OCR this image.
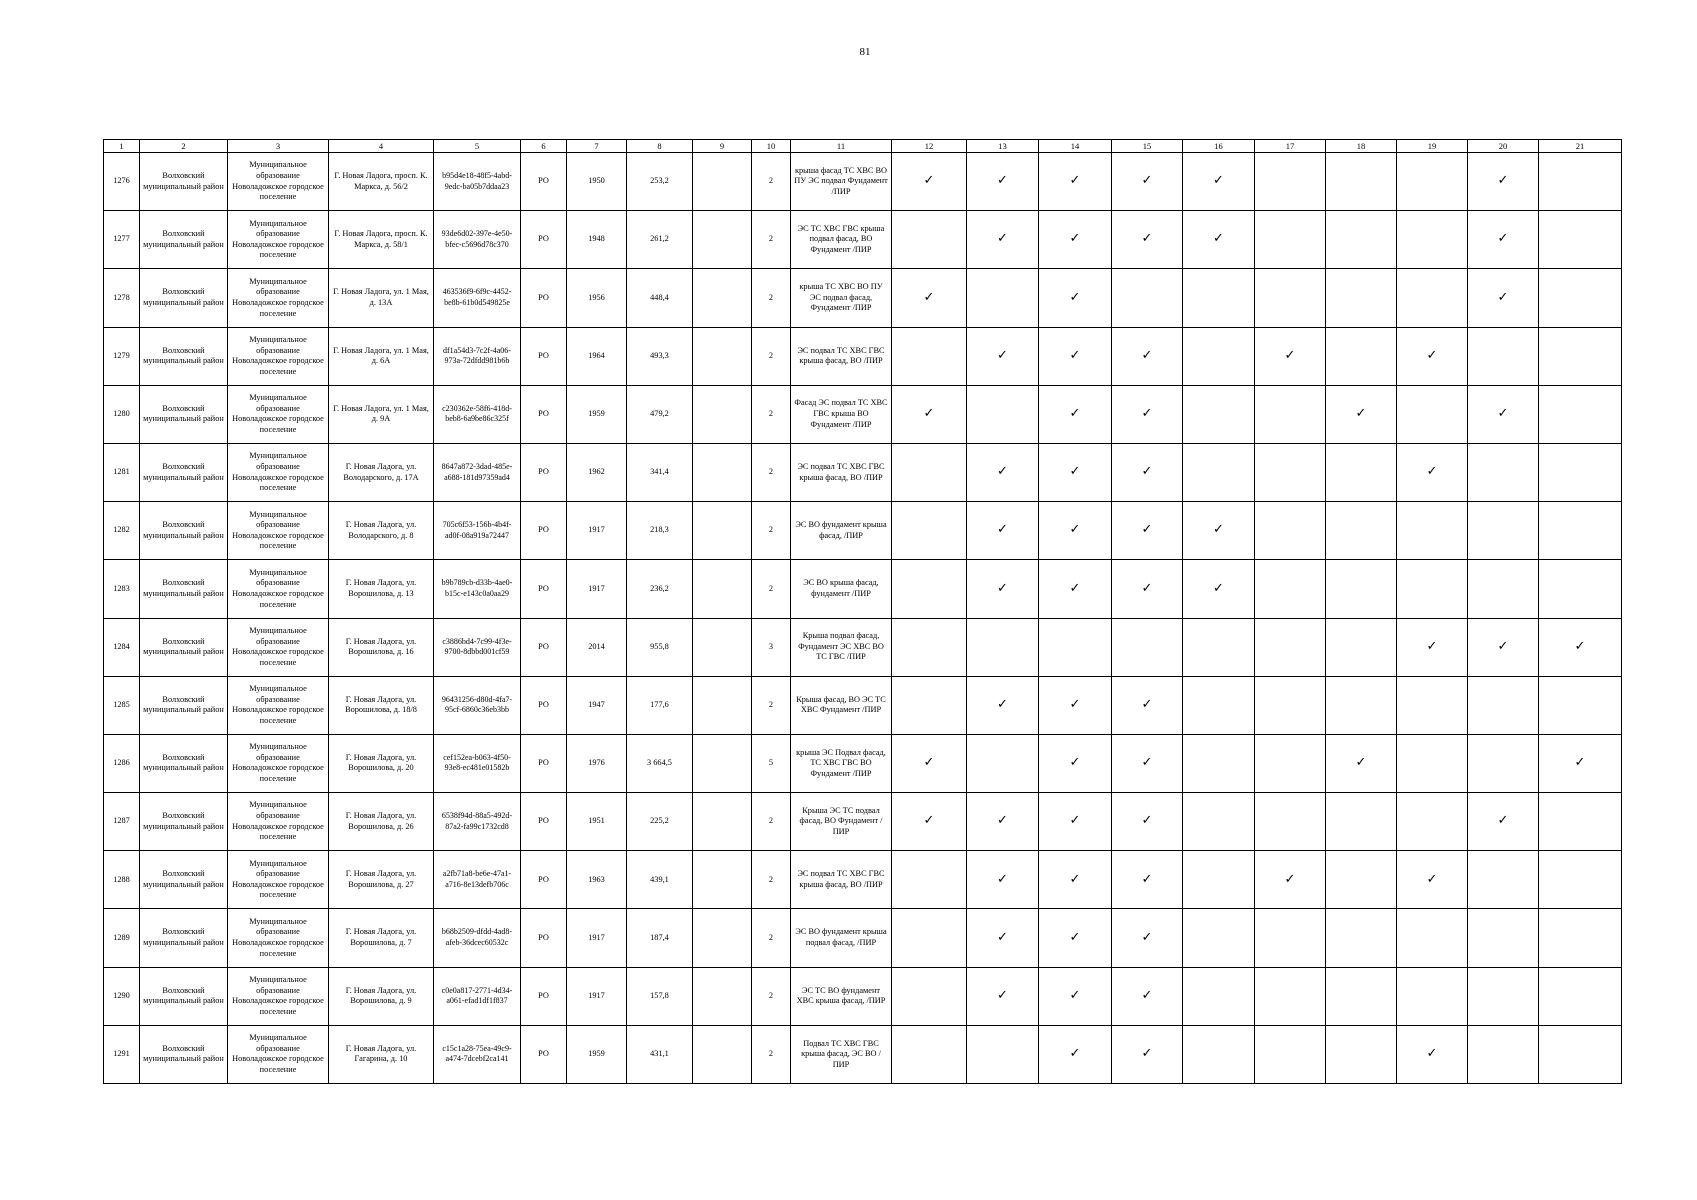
81
1	2	3	4	5	6	7	8	9	10	11	12	13	14	15	16	17	18	19	20	21
1276	Волховский муниципальный район	Муниципальное образование Новоладожское городское поселение	Г. Новая Ладога, просп. К. Маркса, д. 56/2	b95d4e18-48f5-4abd-9edc-ba05b7ddaa23	РО	1950	253,2		2	крыша фасад ТС ХВС ВО ПУ ЭС подвал Фундамент /ПИР	✓	✓	✓	✓	✓				✓	
1277	Волховский муниципальный район	Муниципальное образование Новоладожское городское поселение	Г. Новая Ладога, просп. К. Маркса, д. 58/1	93de6d02-397e-4e50-bfec-c5696d78c370	РО	1948	261,2		2	ЭС ТС ХВС ГВС крыша подвал фасад, ВО Фундамент /ПИР		✓	✓	✓	✓				✓	
1278	Волховский муниципальный район	Муниципальное образование Новоладожское городское поселение	Г. Новая Ладога, ул. 1 Мая, д. 13А	463536f9-6f9c-4452-be8b-61b0d549825e	РО	1956	448,4		2	крыша ТС ХВС ВО ПУ ЭС подвал фасад, Фундамент /ПИР	✓		✓						✓	
1279	Волховский муниципальный район	Муниципальное образование Новоладожское городское поселение	Г. Новая Ладога, ул. 1 Мая, д. 6А	df1a54d3-7c2f-4a06-973a-72dfdd981b6b	РО	1964	493,3		2	ЭС подвал ТС ХВС ГВС крыша фасад, ВО /ПИР		✓	✓	✓		✓		✓		
1280	Волховский муниципальный район	Муниципальное образование Новоладожское городское поселение	Г. Новая Ладога, ул. 1 Мая, д. 9А	c230362e-58f6-418d-beb8-6a9be86c325f	РО	1959	479,2		2	Фасад ЭС подвал ТС ХВС ГВС крыша ВО Фундамент /ПИР	✓		✓	✓			✓		✓	
1281	Волховский муниципальный район	Муниципальное образование Новоладожское городское поселение	Г. Новая Ладога, ул. Володарского, д. 17А	8647a872-3dad-485e-a688-181d97359ad4	РО	1962	341,4		2	ЭС подвал ТС ХВС ГВС крыша фасад, ВО /ПИР		✓	✓	✓				✓		
1282	Волховский муниципальный район	Муниципальное образование Новоладожское городское поселение	Г. Новая Ладога, ул. Володарского, д. 8	705c6f53-156b-4b4f-ad0f-08a919a72447	РО	1917	218,3		2	ЭС ВО фундамент крыша фасад, /ПИР		✓	✓	✓	✓					
1283	Волховский муниципальный район	Муниципальное образование Новоладожское городское поселение	Г. Новая Ладога, ул. Ворошилова, д. 13	b9b789cb-d33b-4ae0-b15c-e143c0a0aa29	РО	1917	236,2		2	ЭС ВО крыша фасад, фундамент /ПИР		✓	✓	✓	✓					
1284	Волховский муниципальный район	Муниципальное образование Новоладожское городское поселение	Г. Новая Ладога, ул. Ворошилова, д. 16	c3886bd4-7c99-4f3e-9700-8dbbd001cf59	РО	2014	955,8		3	Крыша подвал фасад, Фундамент ЭС ХВС ВО ТС ГВС /ПИР								✓	✓	✓
1285	Волховский муниципальный район	Муниципальное образование Новоладожское городское поселение	Г. Новая Ладога, ул. Ворошилова, д. 18/8	96431256-d80d-4fa7-95cf-6860c36eb3bb	РО	1947	177,6		2	Крыша фасад, ВО ЭС ТС ХВС Фундамент /ПИР		✓	✓	✓						
1286	Волховский муниципальный район	Муниципальное образование Новоладожское городское поселение	Г. Новая Ладога, ул. Ворошилова, д. 20	cef152ea-b063-4f50-93e8-ec481e01582b	РО	1976	3 664,5		5	крыша ЭС Подвал фасад, ТС ХВС ГВС ВО Фундамент /ПИР	✓		✓	✓			✓			✓
1287	Волховский муниципальный район	Муниципальное образование Новоладожское городское поселение	Г. Новая Ладога, ул. Ворошилова, д. 26	6538f94d-88a5-492d-87a2-fa99c1732cd8	РО	1951	225,2		2	Крыша ЭС ТС подвал фасад, ВО Фундамент /ПИР	✓	✓	✓	✓					✓	
1288	Волховский муниципальный район	Муниципальное образование Новоладожское городское поселение	Г. Новая Ладога, ул. Ворошилова, д. 27	a2fb71a8-be6e-47a1-a716-8e13defb706c	РО	1963	439,1		2	ЭС подвал ТС ХВС ГВС крыша фасад, ВО /ПИР		✓	✓	✓		✓		✓		
1289	Волховский муниципальный район	Муниципальное образование Новоладожское городское поселение	Г. Новая Ладога, ул. Ворошилова, д. 7	b68b2509-dfdd-4ad8-afeb-36dcec60532c	РО	1917	187,4		2	ЭС ВО фундамент крыша подвал фасад, /ПИР		✓	✓	✓						
1290	Волховский муниципальный район	Муниципальное образование Новоладожское городское поселение	Г. Новая Ладога, ул. Ворошилова, д. 9	c0e0a817-2771-4d34-a061-efad1df1f837	РО	1917	157,8		2	ЭС ТС ВО фундамент ХВС крыша фасад, /ПИР		✓	✓	✓						
1291	Волховский муниципальный район	Муниципальное образование Новоладожское городское поселение	Г. Новая Ладога, ул. Гагарина, д. 10	c15c1a28-75ea-49c9-a474-7dcebf2ca141	РО	1959	431,1		2	Подвал ТС ХВС ГВС крыша фасад, ЭС ВО /ПИР			✓	✓				✓		
